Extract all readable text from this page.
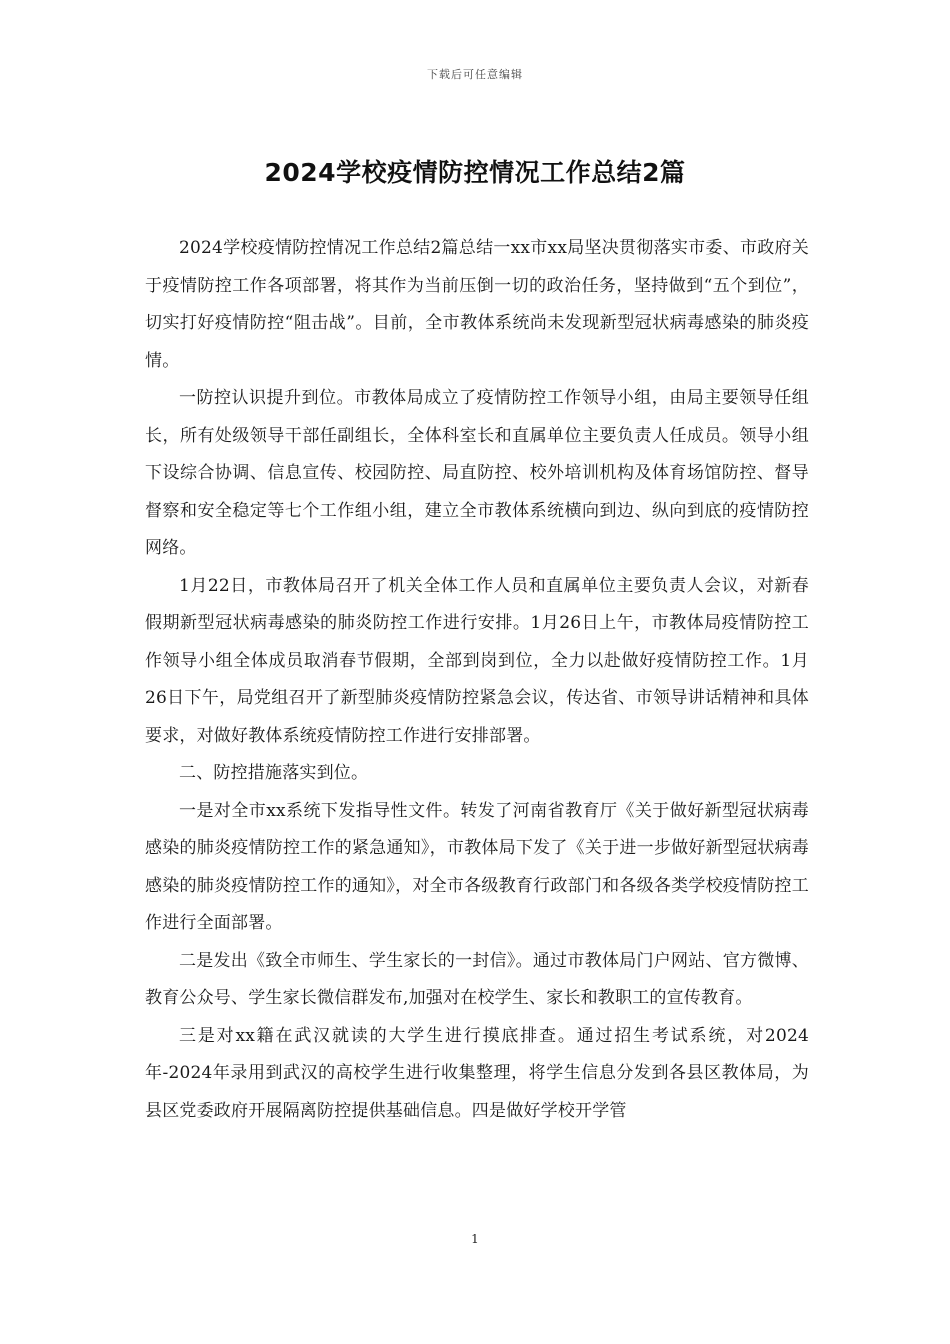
下载后可任意编辑
2024学校疫情防控情况工作总结2篇

2024学校疫情防控情况工作总结2篇总结一xx市xx局坚决贯彻落实市委、市政府关于疫情防控工作各项部署，将其作为当前压倒一切的政治任务，坚持做到“五个到位”，切实打好疫情防控“阻击战”。目前，全市教体系统尚未发现新型冠状病毒感染的肺炎疫情。

一防控认识提升到位。市教体局成立了疫情防控工作领导小组，由局主要领导任组长，所有处级领导干部任副组长，全体科室长和直属单位主要负责人任成员。领导小组下设综合协调、信息宣传、校园防控、局直防控、校外培训机构及体育场馆防控、督导督察和安全稳定等七个工作组小组，建立全市教体系统横向到边、纵向到底的疫情防控网络。

1月22日，市教体局召开了机关全体工作人员和直属单位主要负责人会议，对新春假期新型冠状病毒感染的肺炎防控工作进行安排。1月26日上午，市教体局疫情防控工作领导小组全体成员取消春节假期，全部到岗到位，全力以赴做好疫情防控工作。1月26日下午，局党组召开了新型肺炎疫情防控紧急会议，传达省、市领导讲话精神和具体要求，对做好教体系统疫情防控工作进行安排部署。

二、防控措施落实到位。

一是对全市xx系统下发指导性文件。转发了河南省教育厅《关于做好新型冠状病毒感染的肺炎疫情防控工作的紧急通知》，市教体局下发了《关于进一步做好新型冠状病毒感染的肺炎疫情防控工作的通知》，对全市各级教育行政部门和各级各类学校疫情防控工作进行全面部署。

二是发出《致全市师生、学生家长的一封信》。通过市教体局门户网站、官方微博、教育公众号、学生家长微信群发布,加强对在校学生、家长和教职工的宣传教育。

三是对xx籍在武汉就读的大学生进行摸底排查。通过招生考试系统，对2024年-2024年录用到武汉的高校学生进行收集整理，将学生信息分发到各县区教体局，为县区党委政府开展隔离防控提供基础信息。四是做好学校开学管

1
